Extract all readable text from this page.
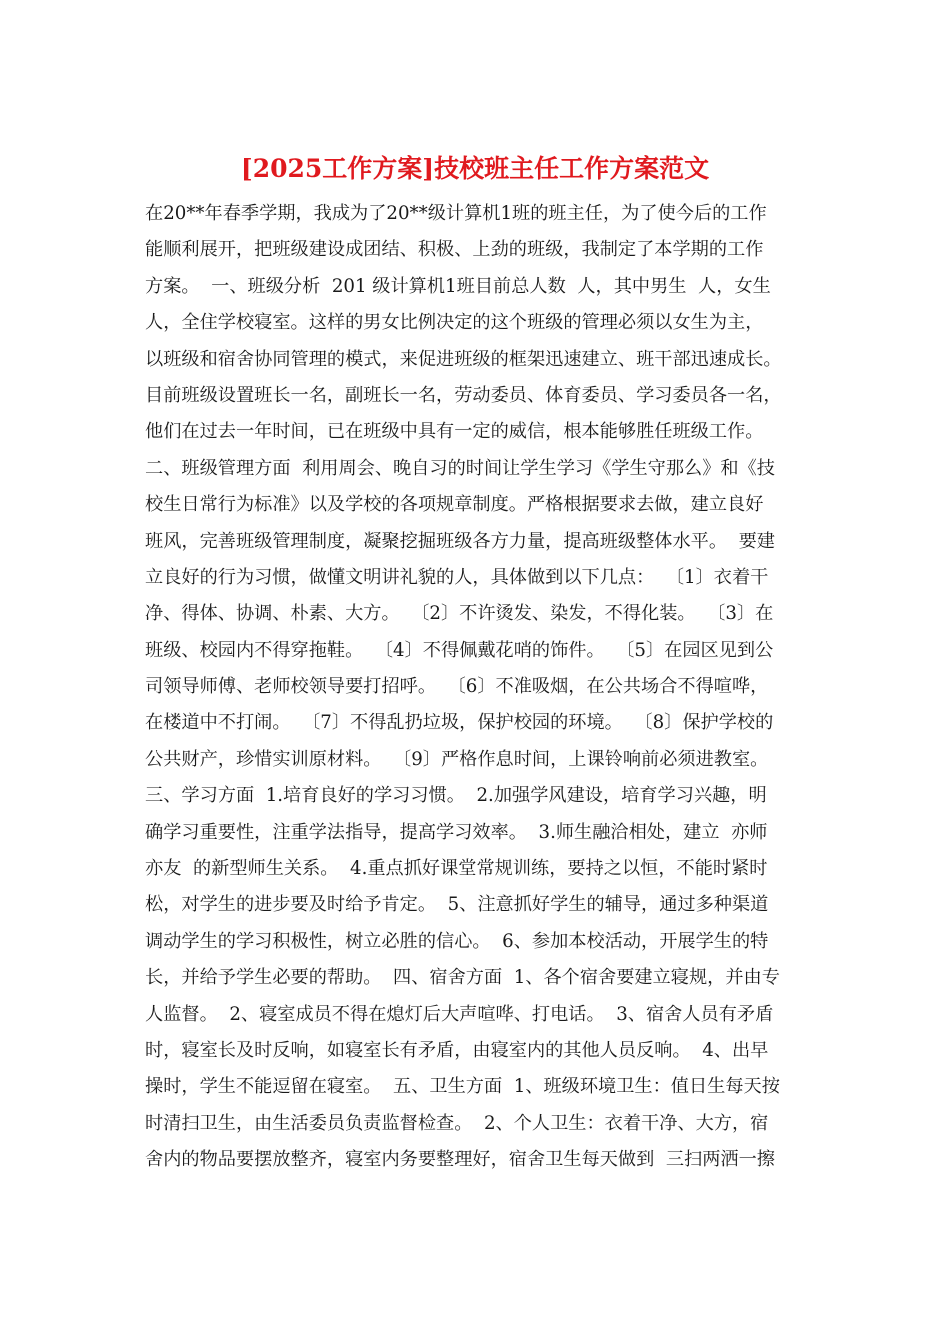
[2025工作方案]技校班主任工作方案范文
在20**年春季学期，我成为了20**级计算机1班的班主任，为了使今后的工作
能顺利展开，把班级建设成团结、积极、上劲的班级，我制定了本学期的工作
方案。  一、班级分析  201 级计算机1班目前总人数  人，其中男生  人，女生
人，全住学校寝室。这样的男女比例决定的这个班级的管理必须以女生为主，
以班级和宿舍协同管理的模式，来促进班级的框架迅速建立、班干部迅速成长。
目前班级设置班长一名，副班长一名，劳动委员、体育委员、学习委员各一名，
他们在过去一年时间，已在班级中具有一定的威信，根本能够胜任班级工作。
二、班级管理方面  利用周会、晚自习的时间让学生学习《学生守那么》和《技
校生日常行为标准》以及学校的各项规章制度。严格根据要求去做，建立良好
班风，完善班级管理制度，凝聚挖掘班级各方力量，提高班级整体水平。  要建
立良好的行为习惯，做懂文明讲礼貌的人，具体做到以下几点：  〔1〕衣着干
净、得体、协调、朴素、大方。  〔2〕不许烫发、染发，不得化装。  〔3〕在
班级、校园内不得穿拖鞋。  〔4〕不得佩戴花哨的饰件。  〔5〕在园区见到公
司领导师傅、老师校领导要打招呼。  〔6〕不准吸烟，在公共场合不得喧哗，
在楼道中不打闹。  〔7〕不得乱扔垃圾，保护校园的环境。  〔8〕保护学校的
公共财产，珍惜实训原材料。  〔9〕严格作息时间，上课铃响前必须进教室。
三、学习方面  1.培育良好的学习习惯。  2.加强学风建设，培育学习兴趣，明
确学习重要性，注重学法指导，提高学习效率。  3.师生融洽相处，建立  亦师
亦友  的新型师生关系。  4.重点抓好课堂常规训练，要持之以恒，不能时紧时
松，对学生的进步要及时给予肯定。  5、注意抓好学生的辅导，通过多种渠道
调动学生的学习积极性，树立必胜的信心。  6、参加本校活动，开展学生的特
长，并给予学生必要的帮助。  四、宿舍方面  1、各个宿舍要建立寝规，并由专
人监督。  2、寝室成员不得在熄灯后大声喧哗、打电话。  3、宿舍人员有矛盾
时，寝室长及时反响，如寝室长有矛盾，由寝室内的其他人员反响。  4、出早
操时，学生不能逗留在寝室。  五、卫生方面  1、班级环境卫生：值日生每天按
时清扫卫生，由生活委员负责监督检查。  2、个人卫生：衣着干净、大方，宿
舍内的物品要摆放整齐，寝室内务要整理好，宿舍卫生每天做到  三扫两洒一擦
